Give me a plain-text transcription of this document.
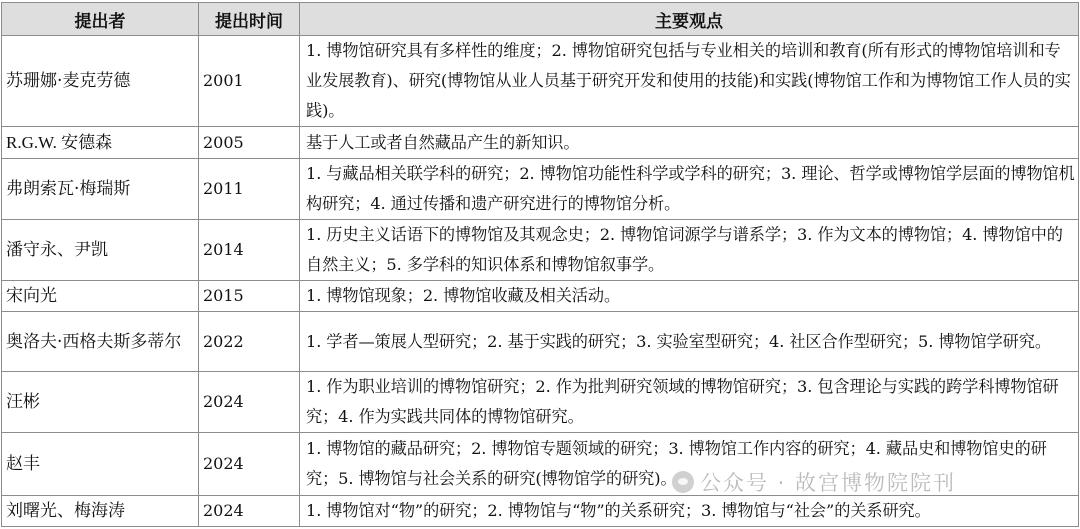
提出者	提出时间	主要观点
苏珊娜·麦克劳德	2001	1. 博物馆研究具有多样性的维度；2. 博物馆研究包括与专业相关的培训和教育(所有形式的博物馆培训和专业发展教育)、研究(博物馆从业人员基于研究开发和使用的技能)和实践(博物馆工作和为博物馆工作人员的实践)。
R.G.W. 安德森	2005	基于人工或者自然藏品产生的新知识。
弗朗索瓦·梅瑞斯	2011	1. 与藏品相关联学科的研究；2. 博物馆功能性科学或学科的研究；3. 理论、哲学或博物馆学层面的博物馆机构研究；4. 通过传播和遗产研究进行的博物馆分析。
潘守永、尹凯	2014	1. 历史主义话语下的博物馆及其观念史；2. 博物馆词源学与谱系学；3. 作为文本的博物馆；4. 博物馆中的自然主义；5. 多学科的知识体系和博物馆叙事学。
宋向光	2015	1. 博物馆现象；2. 博物馆收藏及相关活动。
奥洛夫·西格夫斯多蒂尔	2022	1. 学者—策展人型研究；2. 基于实践的研究；3. 实验室型研究；4. 社区合作型研究；5. 博物馆学研究。
汪彬	2024	1. 作为职业培训的博物馆研究；2. 作为批判研究领域的博物馆研究；3. 包含理论与实践的跨学科博物馆研究；4. 作为实践共同体的博物馆研究。
赵丰	2024	1. 博物馆的藏品研究；2. 博物馆专题领域的研究；3. 博物馆工作内容的研究；4. 藏品史和博物馆史的研究；5. 博物馆与社会关系的研究(博物馆学的研究)。
刘曙光、梅海涛	2024	1. 博物馆对“物”的研究；2. 博物馆与“物”的关系研究；3. 博物馆与“社会”的关系研究。
公众号 · 故宫博物院院刊
